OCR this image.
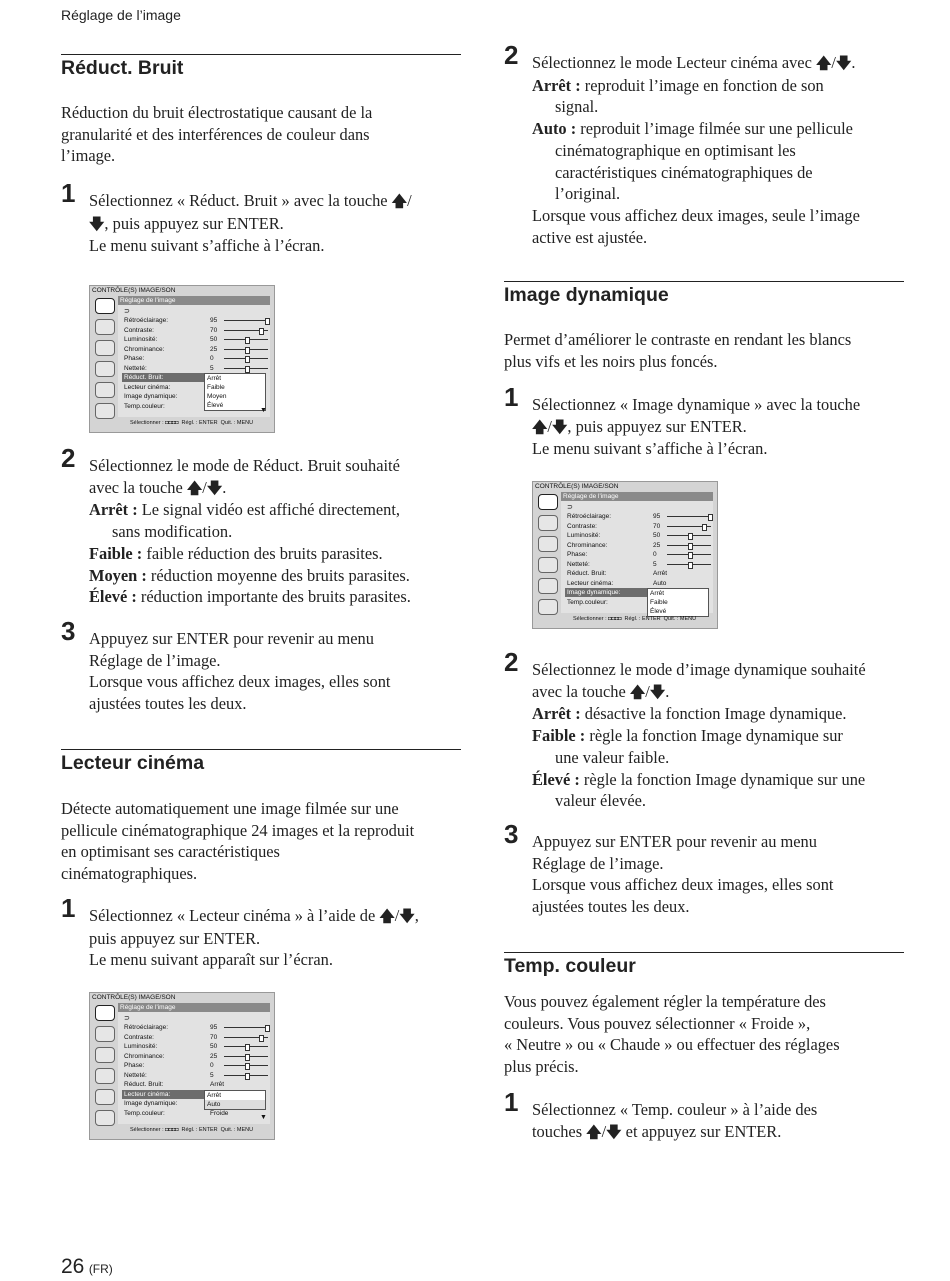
Réglage de l’image
Réduct. Bruit
Réduction du bruit électrostatique causant de la
granularité et des interférences de couleur dans
l’image.
1 Sélectionnez « Réduct. Bruit » avec la touche 🡅/
🡇, puis appuyez sur ENTER.
Le menu suivant s’affiche à l’écran.
CONTRÔLE(S) IMAGE/SON
Réglage de l'image
⊃
Rétroéclairage:	95
Contraste:	70
Luminosité:	50
Chrominance:	25
Phase:	0
Netteté:	5
Réduct. Bruit:
Lecteur cinéma:
Image dynamique:
Temp.couleur:
Arrêt
Faible
Moyen
Élevé
▼
Sélectionner : ◘◘◘◘  Régl. : ENTER Quit. : MENU
2 Sélectionnez le mode de Réduct. Bruit souhaité
avec la touche 🡅/🡇.
Arrêt : Le signal vidéo est affiché directement,
sans modification.
Faible : faible réduction des bruits parasites.
Moyen : réduction moyenne des bruits parasites.
Élevé : réduction importante des bruits parasites.
3 Appuyez sur ENTER pour revenir au menu
Réglage de l’image.
Lorsque vous affichez deux images, elles sont
ajustées toutes les deux.
Lecteur cinéma
Détecte automatiquement une image filmée sur une
pellicule cinématographique 24 images et la reproduit
en optimisant ses caractéristiques
cinématographiques.
1 Sélectionnez « Lecteur cinéma » à l’aide de 🡅/🡇,
puis appuyez sur ENTER.
Le menu suivant apparaît sur l’écran.
CONTRÔLE(S) IMAGE/SON
Réglage de l'image
⊃
Rétroéclairage:	95
Contraste:	70
Luminosité:	50
Chrominance:	25
Phase:	0
Netteté:	5
Réduct. Bruit:	Arrêt
Lecteur cinéma:
Image dynamique:
Temp.couleur:	Froide
Arrêt
Auto
▼
Sélectionner : ◘◘◘◘  Régl. : ENTER Quit. : MENU
2 Sélectionnez le mode Lecteur cinéma avec 🡅/🡇.
Arrêt : reproduit l’image en fonction de son
signal.
Auto : reproduit l’image filmée sur une pellicule
cinématographique en optimisant les
caractéristiques cinématographiques de
l’original.
Lorsque vous affichez deux images, seule l’image
active est ajustée.
Image dynamique
Permet d’améliorer le contraste en rendant les blancs
plus vifs et les noirs plus foncés.
1 Sélectionnez « Image dynamique » avec la touche
🡅/🡇, puis appuyez sur ENTER.
Le menu suivant s’affiche à l’écran.
CONTRÔLE(S) IMAGE/SON
Réglage de l'image
⊃
Rétroéclairage:	95
Contraste:	70
Luminosité:	50
Chrominance:	25
Phase:	0
Netteté:	5
Réduct. Bruit:	Arrêt
Lecteur cinéma:	Auto
Image dynamique:
Temp.couleur:
Arrêt
Faible
Élevé
Sélectionner : ◘◘◘◘  Régl. : ENTER Quit. : MENU
2 Sélectionnez le mode d’image dynamique souhaité
avec la touche 🡅/🡇.
Arrêt : désactive la fonction Image dynamique.
Faible : règle la fonction Image dynamique sur
une valeur faible.
Élevé : règle la fonction Image dynamique sur une
valeur élevée.
3 Appuyez sur ENTER pour revenir au menu
Réglage de l’image.
Lorsque vous affichez deux images, elles sont
ajustées toutes les deux.
Temp. couleur
Vous pouvez également régler la température des
couleurs. Vous pouvez sélectionner « Froide »,
« Neutre » ou « Chaude » ou effectuer des réglages
plus précis.
1 Sélectionnez « Temp. couleur » à l’aide des
touches 🡅/🡇 et appuyez sur ENTER.
26 (FR)
